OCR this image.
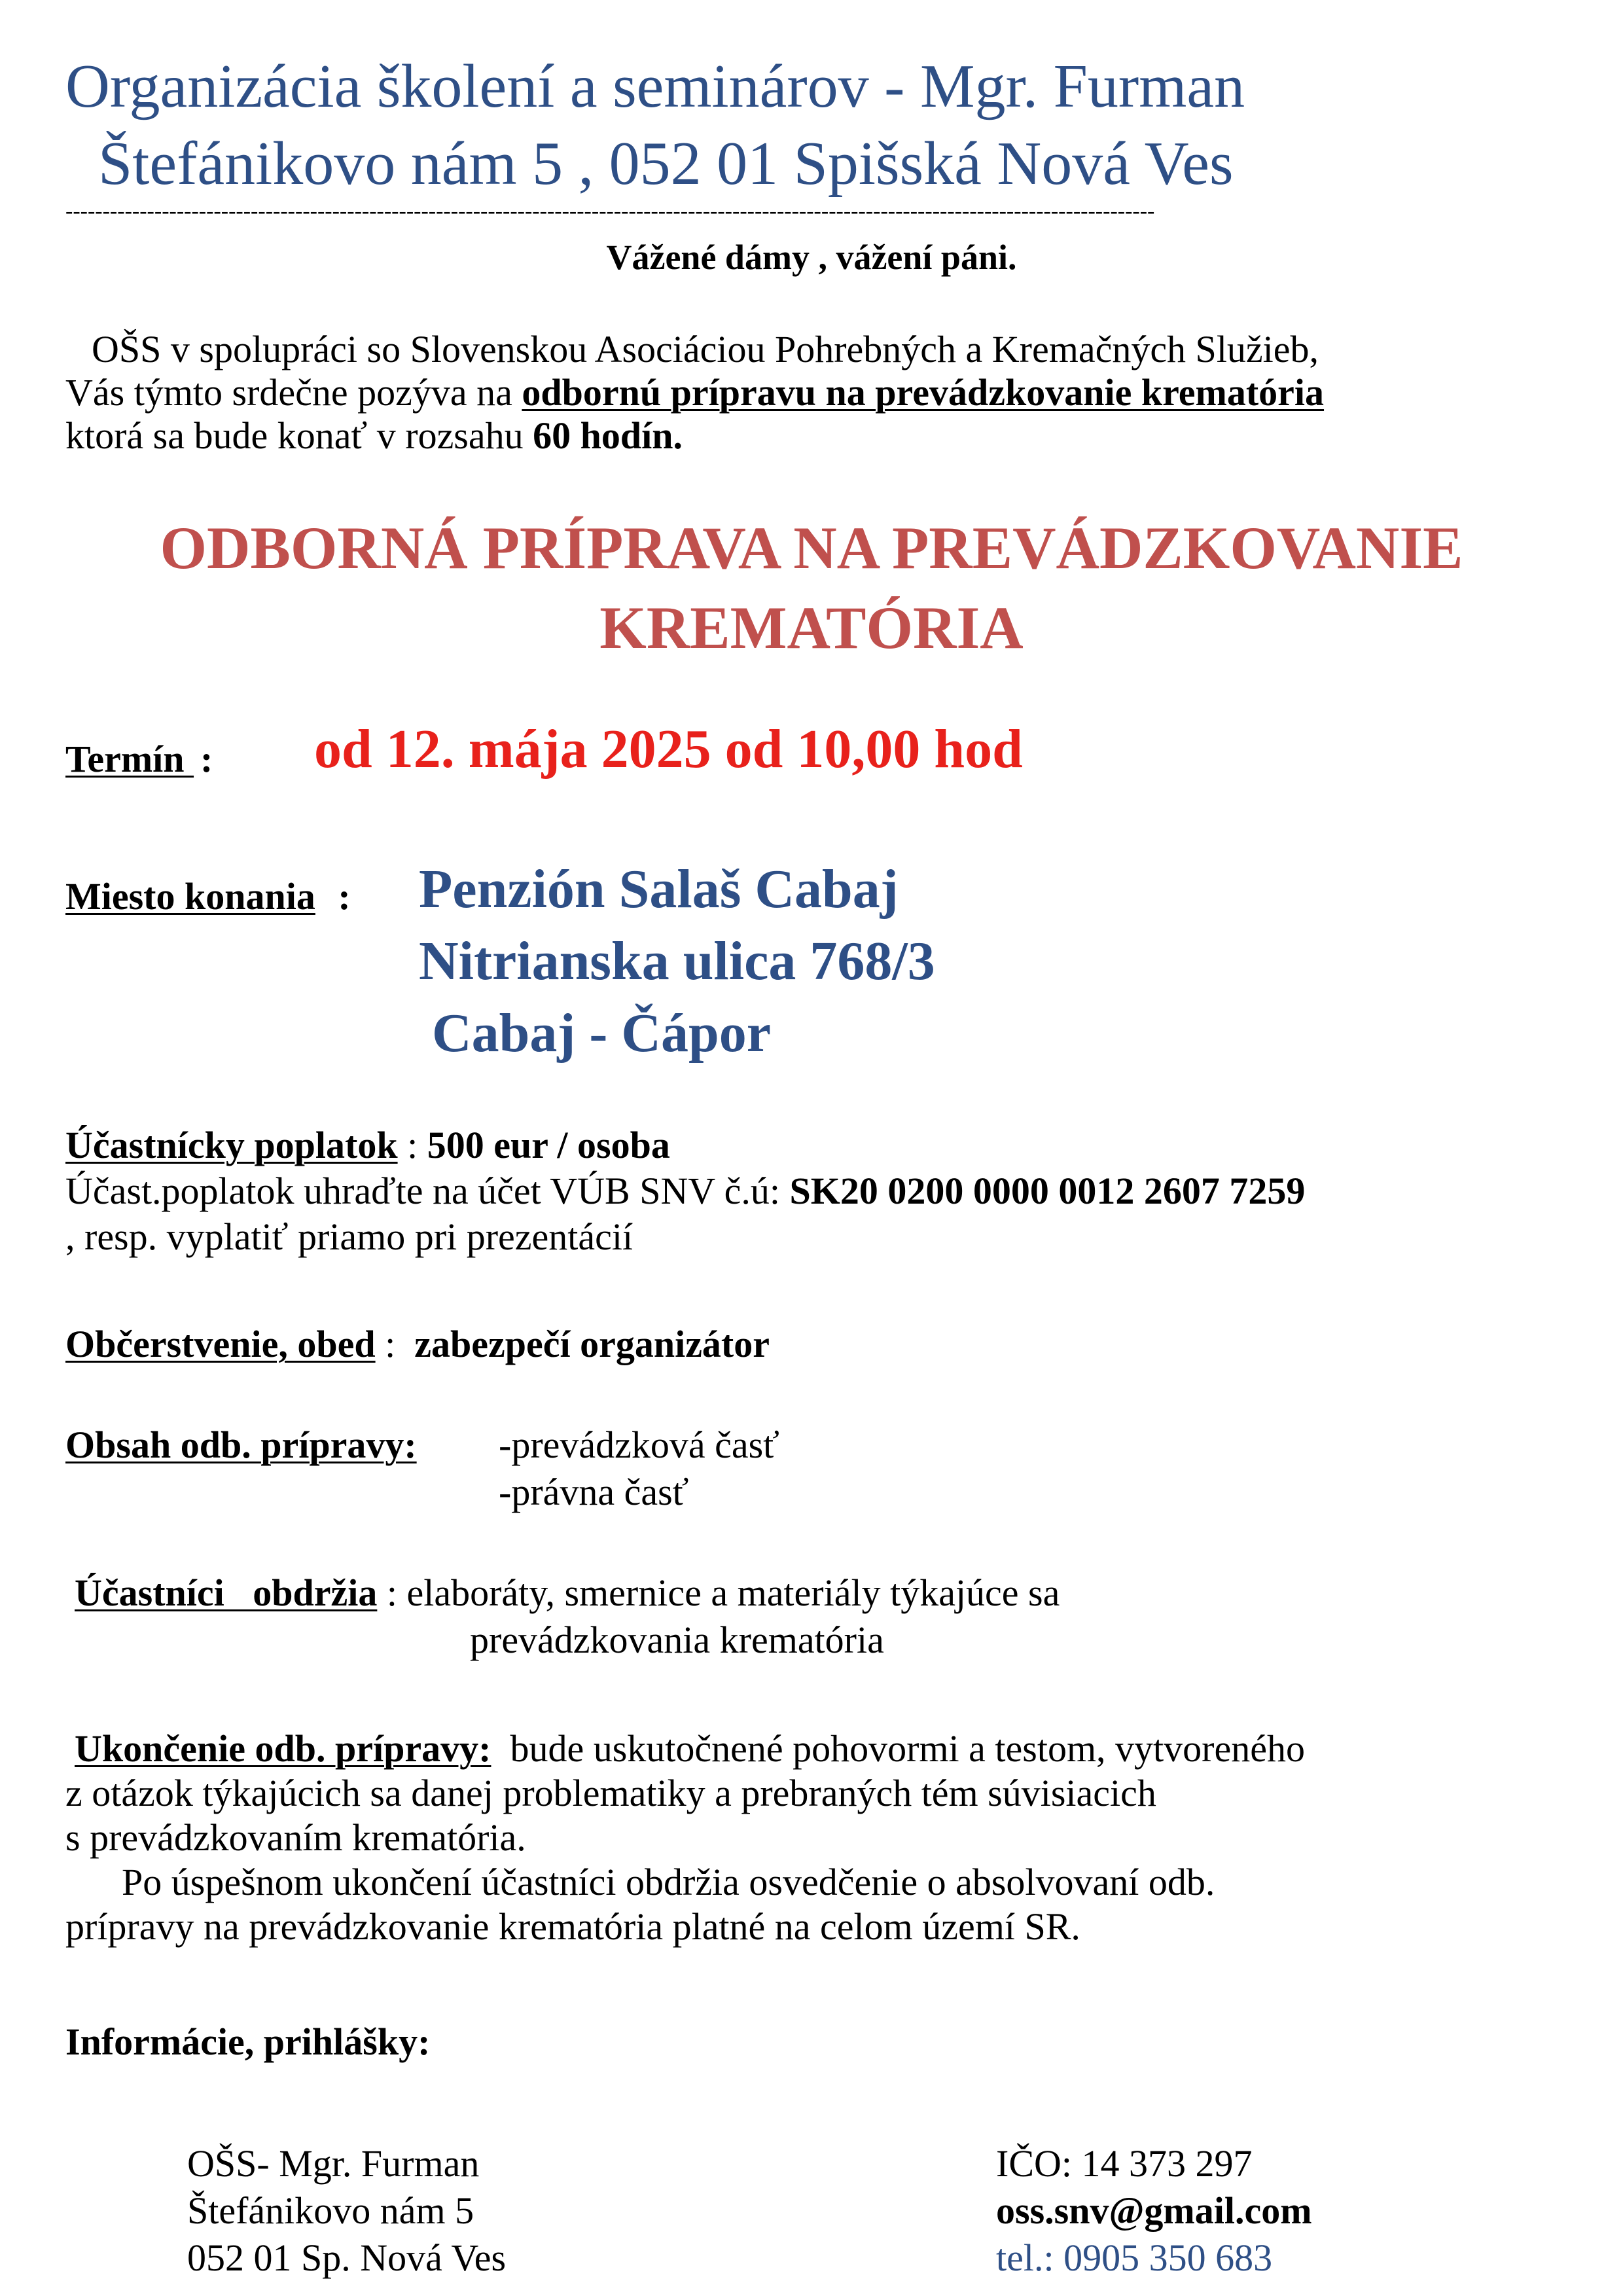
Organizácia školení a seminárov - Mgr. Furman
Štefánikovo nám 5 , 052 01 Spišská Nová Ves
---------------------------------------------------------------------------------------------------------------------------------------------------
Vážené dámy , vážení páni.
OŠS v spolupráci so Slovenskou Asociáciou Pohrebných a Kremačných Služieb,
Vás týmto srdečne pozýva na odbornú prípravu na prevádzkovanie krematória
ktorá sa bude konať v rozsahu 60 hodín.
ODBORNÁ PRÍPRAVA NA PREVÁDZKOVANIE
KREMATÓRIA
Termín : od 12. mája 2025 od 10,00 hod
Miesto konania : Penzión Salaš Cabaj
Nitrianska ulica 768/3
Cabaj - Čápor
Účastnícky poplatok : 500 eur / osoba
Účast.poplatok uhraďte na účet VÚB SNV č.ú: SK20 0200 0000 0012 2607 7259
, resp. vyplatiť priamo pri prezentácií
Občerstvenie, obed :  zabezpečí organizátor
Obsah odb. prípravy: -prevádzková časť
-právna časť
Účastníci   obdržia : elaboráty, smernice a materiály týkajúce sa
prevádzkovania krematória
Ukončenie odb. prípravy:  bude uskutočnené pohovormi a testom, vytvoreného
z otázok týkajúcich sa danej problematiky a prebraných tém súvisiacich
s prevádzkovaním krematória.
Po úspešnom ukončení účastníci obdržia osvedčenie o absolvovaní odb.
prípravy na prevádzkovanie krematória platné na celom území SR.
Informácie, prihlášky:
OŠS- Mgr. Furman
Štefánikovo nám 5
052 01 Sp. Nová Ves
IČO: 14 373 297
oss.snv@gmail.com
tel.: 0905 350 683
